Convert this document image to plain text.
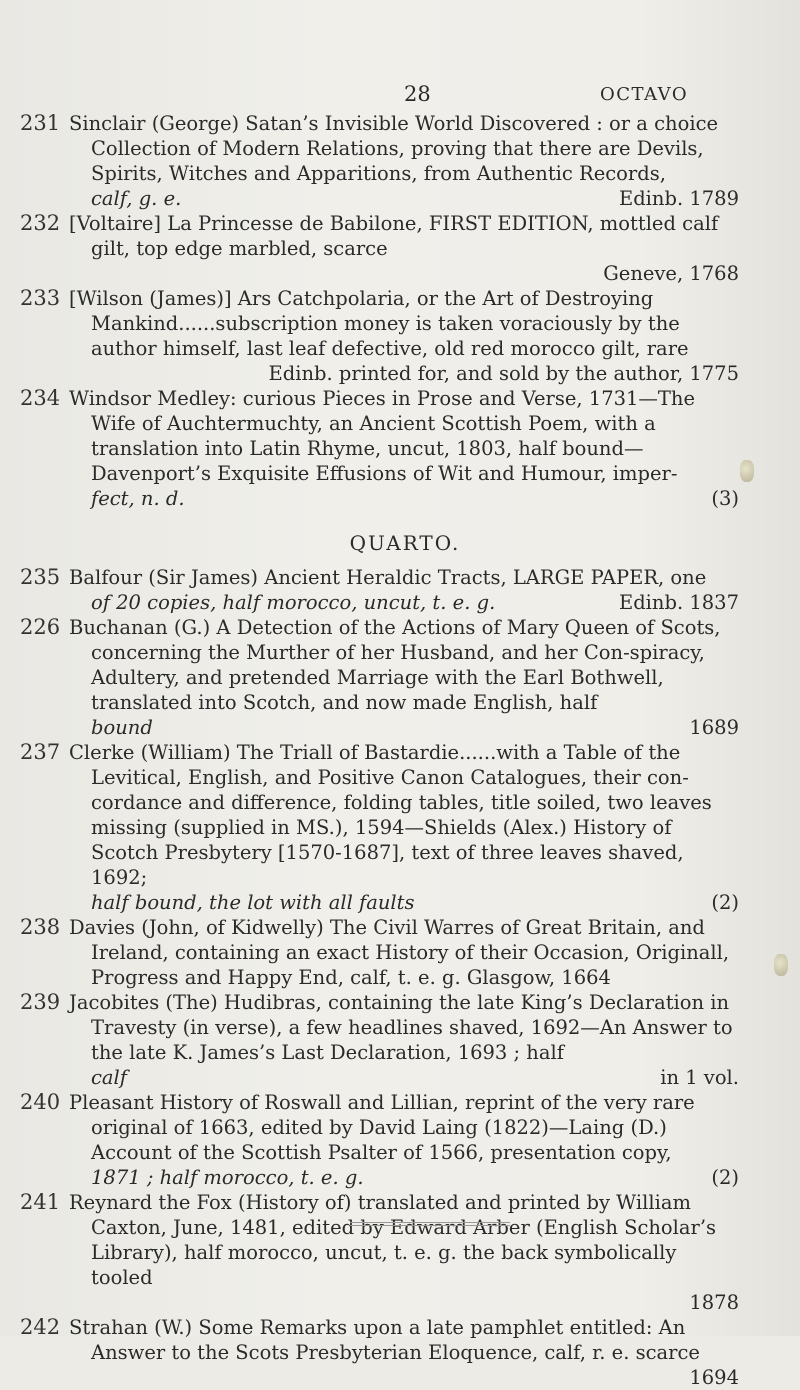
28	OCTAVO
231 Sinclair (George) Satan’s Invisible World Discovered : or a choice Collection of Modern Relations, proving that there are Devils, Spirits, Witches and Apparitions, from Authentic Records,

calf, g. e.	Edinb. 1789
232 [Voltaire] La Princesse de Babilone, FIRST EDITION, mottled calf gilt, top edge marbled, scarce

Geneve, 1768
233 [Wilson (James)] Ars Catchpolaria, or the Art of Destroying Mankind......subscription money is taken voraciously by the author himself, last leaf defective, old red morocco gilt, rare

Edinb. printed for, and sold by the author, 1775
234 Windsor Medley: curious Pieces in Prose and Verse, 1731—The Wife of Auchtermuchty, an Ancient Scottish Poem, with a translation into Latin Rhyme, uncut, 1803, half bound—Davenport’s Exquisite Effusions of Wit and Humour, imper-

fect, n. d.	(3)
QUARTO.
235 Balfour (Sir James) Ancient Heraldic Tracts, LARGE PAPER, one

of 20 copies, half morocco, uncut, t. e. g.	Edinb. 1837
226 Buchanan (G.) A Detection of the Actions of Mary Queen of Scots, concerning the Murther of her Husband, and her Con-spiracy, Adultery, and pretended Marriage with the Earl Bothwell, translated into Scotch, and now made English, half

bound	1689
237 Clerke (William) The Triall of Bastardie......with a Table of the Levitical, English, and Positive Canon Catalogues, their con-cordance and difference, folding tables, title soiled, two leaves missing (supplied in MS.), 1594—Shields (Alex.) History of Scotch Presbytery [1570-1687], text of three leaves shaved, 1692;

half bound, the lot with all faults	(2)
238 Davies (John, of Kidwelly) The Civil Warres of Great Britain, and Ireland, containing an exact History of their Occasion, Originall, Progress and Happy End, calf, t. e. g. Glasgow, 1664

239 Jacobites (The) Hudibras, containing the late King’s Declaration in Travesty (in verse), a few headlines shaved, 1692—An Answer to the late K. James’s Last Declaration, 1693 ; half

calf	in 1 vol.
240 Pleasant History of Roswall and Lillian, reprint of the very rare original of 1663, edited by David Laing (1822)—Laing (D.) Account of the Scottish Psalter of 1566, presentation copy,

1871 ; half morocco, t. e. g.	(2)
241 Reynard the Fox (History of) translated and printed by William Caxton, June, 1481, edited by Edward Arber (English Scholar’s Library), half morocco, uncut, t. e. g. the back symbolically tooled

1878
242 Strahan (W.) Some Remarks upon a late pamphlet entitled: An Answer to the Scots Presbyterian Eloquence, calf, r. e. scarce

1694
